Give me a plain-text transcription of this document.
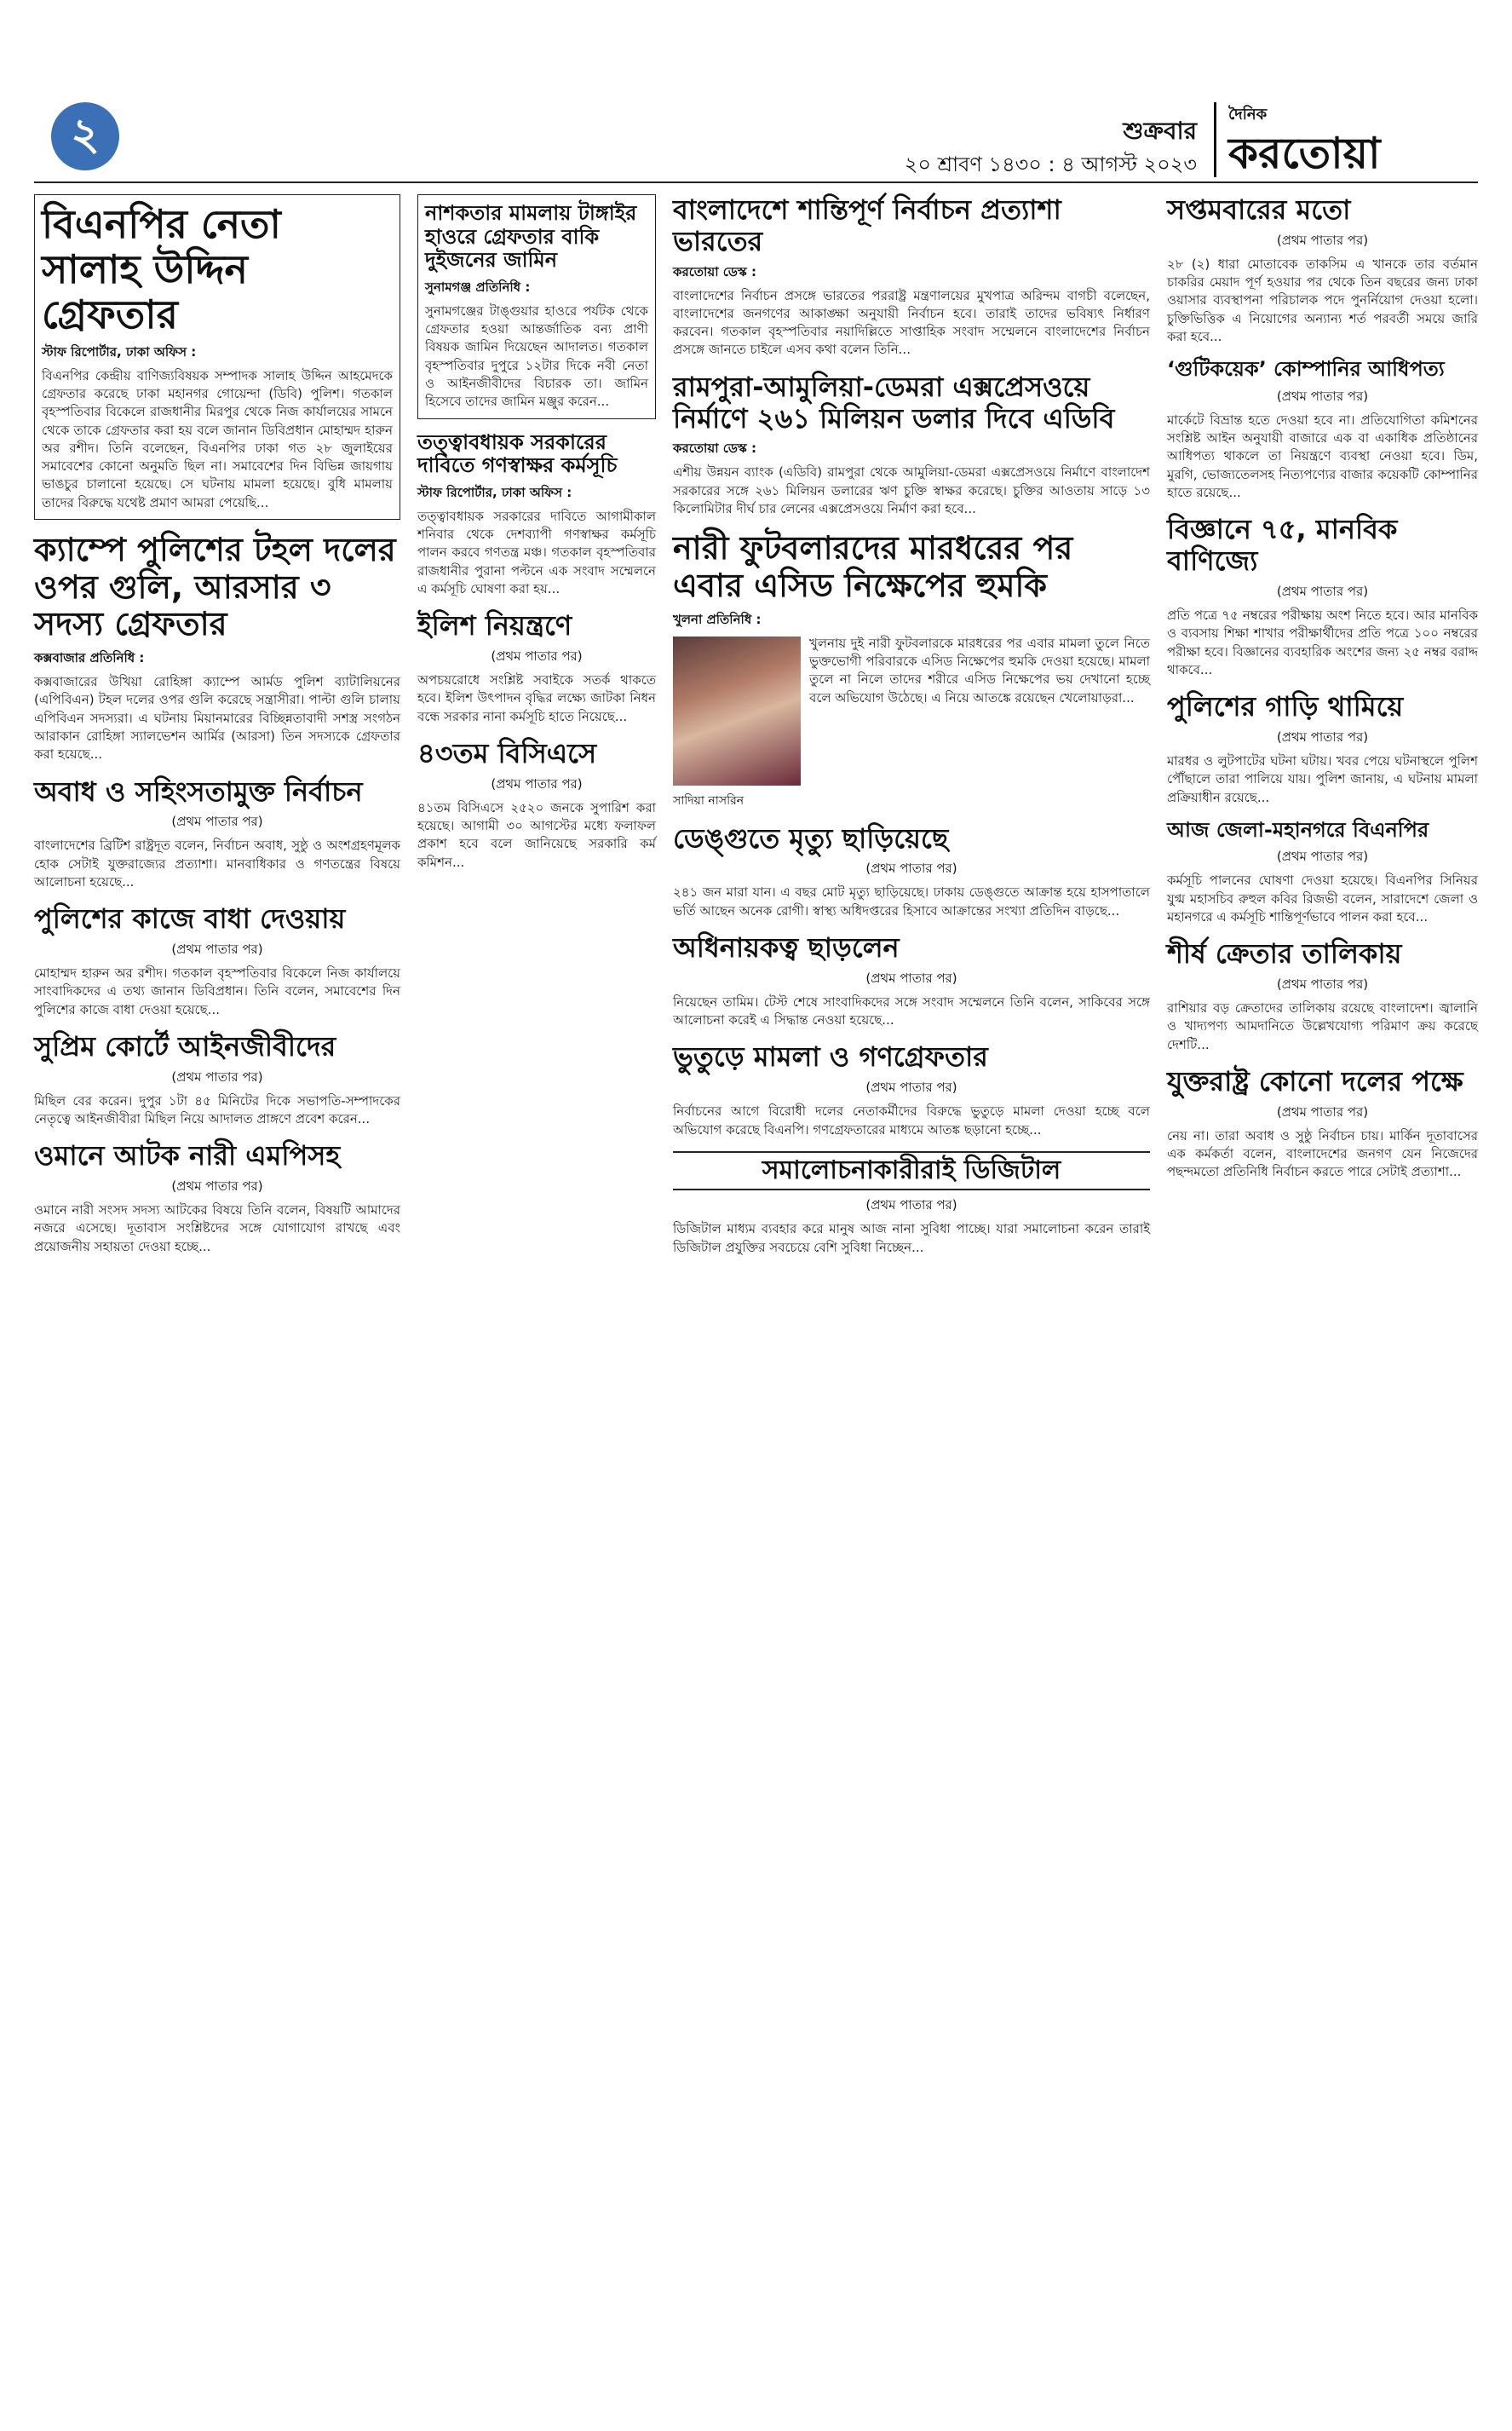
২	শুক্রবার
২০ শ্রাবণ ১৪৩০ : ৪ আগস্ট ২০২৩
দৈনিক
করতোয়া
বিএনপির নেতা সালাহ উদ্দিন গ্রেফতার
স্টাফ রিপোর্টার, ঢাকা অফিস :
বিএনপির কেন্দ্রীয় বাণিজ্যবিষয়ক সম্পাদক সালাহ উদ্দিন আহমেদকে গ্রেফতার করেছে ঢাকা মহানগর গোয়েন্দা (ডিবি) পুলিশ। গতকাল বৃহস্পতিবার বিকেলে রাজধানীর মিরপুর থেকে নিজ কার্যালয়ের সামনে থেকে তাকে গ্রেফতার করা হয় বলে জানান ডিবিপ্রধান মোহাম্মদ হারুন অর রশীদ। তিনি বলেছেন, বিএনপির ঢাকা গত ২৮ জুলাইয়ের সমাবেশের কোনো অনুমতি ছিল না। সমাবেশের দিন বিভিন্ন জায়গায় ভাঙচুর চালানো হয়েছে। সে ঘটনায় মামলা হয়েছে। বুধি মামলায় তাদের বিরুদ্ধে যথেষ্ট প্রমাণ আমরা পেয়েছি...
ক্যাম্পে পুলিশের টহল দলের ওপর গুলি, আরসার ৩ সদস্য গ্রেফতার
কক্সবাজার প্রতিনিধি :
কক্সবাজারের উখিয়া রোহিঙ্গা ক্যাম্পে আর্মড পুলিশ ব্যাটালিয়নের (এপিবিএন) টহল দলের ওপর গুলি করেছে সন্ত্রাসীরা। পাল্টা গুলি চালায় এপিবিএন সদস্যরা। এ ঘটনায় মিয়ানমারের বিচ্ছিন্নতাবাদী সশস্ত্র সংগঠন আরাকান রোহিঙ্গা স্যালভেশন আর্মির (আরসা) তিন সদস্যকে গ্রেফতার করা হয়েছে...
অবাধ ও সহিংসতামুক্ত নির্বাচন
(প্রথম পাতার পর)
বাংলাদেশের ব্রিটিশ রাষ্ট্রদূত বলেন, নির্বাচন অবাধ, সুষ্ঠু ও অংশগ্রহণমূলক হোক সেটাই যুক্তরাজ্যের প্রত্যাশা। মানবাধিকার ও গণতন্ত্রের বিষয়ে আলোচনা হয়েছে...
পুলিশের কাজে বাধা দেওয়ায়
(প্রথম পাতার পর)
মোহাম্মদ হারুন অর রশীদ। গতকাল বৃহস্পতিবার বিকেলে নিজ কার্যালয়ে সাংবাদিকদের এ তথ্য জানান ডিবিপ্রধান। তিনি বলেন, সমাবেশের দিন পুলিশের কাজে বাধা দেওয়া হয়েছে...
সুপ্রিম কোর্টে আইনজীবীদের
(প্রথম পাতার পর)
মিছিল বের করেন। দুপুর ১টা ৪৫ মিনিটের দিকে সভাপতি-সম্পাদকের নেতৃত্বে আইনজীবীরা মিছিল নিয়ে আদালত প্রাঙ্গণে প্রবেশ করেন...
ওমানে আটক নারী এমপিসহ
(প্রথম পাতার পর)
ওমানে নারী সংসদ সদস্য আটকের বিষয়ে তিনি বলেন, বিষয়টি আমাদের নজরে এসেছে। দূতাবাস সংশ্লিষ্টদের সঙ্গে যোগাযোগ রাখছে এবং প্রয়োজনীয় সহায়তা দেওয়া হচ্ছে...
নাশকতার মামলায় টাঙ্গাইর হাওরে গ্রেফতার বাকি দুইজনের জামিন
সুনামগঞ্জ প্রতিনিধি :
সুনামগঞ্জের টাঙ্গুয়ার হাওরে পর্যটক থেকে গ্রেফতার হওয়া আন্তর্জাতিক বন্য প্রাণী বিষয়ক জামিন দিয়েছেন আদালত। গতকাল বৃহস্পতিবার দুপুরে ১২টার দিকে নবী নেতা ও আইনজীবীদের বিচারক তা। জামিন হিসেবে তাদের জামিন মঞ্জুর করেন...
তত্ত্বাবধায়ক সরকারের দাবিতে গণস্বাক্ষর কর্মসূচি
স্টাফ রিপোর্টার, ঢাকা অফিস :
তত্ত্বাবধায়ক সরকারের দাবিতে আগামীকাল শনিবার থেকে দেশব্যাপী গণস্বাক্ষর কর্মসূচি পালন করবে গণতন্ত্র মঞ্চ। গতকাল বৃহস্পতিবার রাজধানীর পুরানা পল্টনে এক সংবাদ সম্মেলনে এ কর্মসূচি ঘোষণা করা হয়...
ইলিশ নিয়ন্ত্রণে
(প্রথম পাতার পর)
অপচয়রোধে সংশ্লিষ্ট সবাইকে সতর্ক থাকতে হবে। ইলিশ উৎপাদন বৃদ্ধির লক্ষ্যে জাটকা নিধন বন্ধে সরকার নানা কর্মসূচি হাতে নিয়েছে...
৪৩তম বিসিএসে
(প্রথম পাতার পর)
৪১তম বিসিএসে ২৫২০ জনকে সুপারিশ করা হয়েছে। আগামী ৩০ আগস্টের মধ্যে ফলাফল প্রকাশ হবে বলে জানিয়েছে সরকারি কর্ম কমিশন...
বাংলাদেশে শান্তিপূর্ণ নির্বাচন প্রত্যাশা ভারতের
করতোয়া ডেস্ক :
বাংলাদেশের নির্বাচন প্রসঙ্গে ভারতের পররাষ্ট্র মন্ত্রণালয়ের মুখপাত্র অরিন্দম বাগচী বলেছেন, বাংলাদেশের জনগণের আকাঙ্ক্ষা অনুযায়ী নির্বাচন হবে। তারাই তাদের ভবিষ্যৎ নির্ধারণ করবেন। গতকাল বৃহস্পতিবার নয়াদিল্লিতে সাপ্তাহিক সংবাদ সম্মেলনে বাংলাদেশের নির্বাচন প্রসঙ্গে জানতে চাইলে এসব কথা বলেন তিনি...
রামপুরা-আমুলিয়া-ডেমরা এক্সপ্রেসওয়ে নির্মাণে ২৬১ মিলিয়ন ডলার দিবে এডিবি
করতোয়া ডেস্ক :
এশীয় উন্নয়ন ব্যাংক (এডিবি) রামপুরা থেকে আমুলিয়া-ডেমরা এক্সপ্রেসওয়ে নির্মাণে বাংলাদেশ সরকারের সঙ্গে ২৬১ মিলিয়ন ডলারের ঋণ চুক্তি স্বাক্ষর করেছে। চুক্তির আওতায় সাড়ে ১৩ কিলোমিটার দীর্ঘ চার লেনের এক্সপ্রেসওয়ে নির্মাণ করা হবে...
নারী ফুটবলারদের মারধরের পর এবার এসিড নিক্ষেপের হুমকি
খুলনা প্রতিনিধি :
খুলনায় দুই নারী ফুটবলারকে মারধরের পর এবার মামলা তুলে নিতে ভুক্তভোগী পরিবারকে এসিড নিক্ষেপের হুমকি দেওয়া হয়েছে। মামলা তুলে না নিলে তাদের শরীরে এসিড নিক্ষেপের ভয় দেখানো হচ্ছে বলে অভিযোগ উঠেছে। এ নিয়ে আতঙ্কে রয়েছেন খেলোয়াড়রা...
সাদিয়া নাসরিন
ডেঙ্গুতে মৃত্যু ছাড়িয়েছে
(প্রথম পাতার পর)
২৪১ জন মারা যান। এ বছর মোট মৃত্যু ছাড়িয়েছে। ঢাকায় ডেঙ্গুতে আক্রান্ত হয়ে হাসপাতালে ভর্তি আছেন অনেক রোগী। স্বাস্থ্য অধিদপ্তরের হিসাবে আক্রান্তের সংখ্যা প্রতিদিন বাড়ছে...
অধিনায়কত্ব ছাড়লেন
(প্রথম পাতার পর)
নিয়েছেন তামিম। টেস্ট শেষে সাংবাদিকদের সঙ্গে সংবাদ সম্মেলনে তিনি বলেন, সাকিবের সঙ্গে আলোচনা করেই এ সিদ্ধান্ত নেওয়া হয়েছে...
ভুতুড়ে মামলা ও গণগ্রেফতার
(প্রথম পাতার পর)
নির্বাচনের আগে বিরোধী দলের নেতাকর্মীদের বিরুদ্ধে ভুতুড়ে মামলা দেওয়া হচ্ছে বলে অভিযোগ করেছে বিএনপি। গণগ্রেফতারের মাধ্যমে আতঙ্ক ছড়ানো হচ্ছে...
সমালোচনাকারীরাই ডিজিটাল
(প্রথম পাতার পর)
ডিজিটাল মাধ্যম ব্যবহার করে মানুষ আজ নানা সুবিধা পাচ্ছে। যারা সমালোচনা করেন তারাই ডিজিটাল প্রযুক্তির সবচেয়ে বেশি সুবিধা নিচ্ছেন...
সপ্তমবারের মতো
(প্রথম পাতার পর)
২৮ (২) ধারা মোতাবেক তাকসিম এ খানকে তার বর্তমান চাকরির মেয়াদ পূর্ণ হওয়ার পর থেকে তিন বছরের জন্য ঢাকা ওয়াসার ব্যবস্থাপনা পরিচালক পদে পুনর্নিয়োগ দেওয়া হলো। চুক্তিভিত্তিক এ নিয়োগের অন্যান্য শর্ত পরবর্তী সময়ে জারি করা হবে...
‘গুটিকয়েক’ কোম্পানির আধিপত্য
(প্রথম পাতার পর)
মার্কেটে বিভ্রান্ত হতে দেওয়া হবে না। প্রতিযোগিতা কমিশনের সংশ্লিষ্ট আইন অনুযায়ী বাজারে এক বা একাধিক প্রতিষ্ঠানের আধিপত্য থাকলে তা নিয়ন্ত্রণে ব্যবস্থা নেওয়া হবে। ডিম, মুরগি, ভোজ্যতেলসহ নিত্যপণ্যের বাজার কয়েকটি কোম্পানির হাতে রয়েছে...
বিজ্ঞানে ৭৫, মানবিক বাণিজ্যে
(প্রথম পাতার পর)
প্রতি পত্রে ৭৫ নম্বরের পরীক্ষায় অংশ নিতে হবে। আর মানবিক ও ব্যবসায় শিক্ষা শাখার পরীক্ষার্থীদের প্রতি পত্রে ১০০ নম্বরের পরীক্ষা হবে। বিজ্ঞানের ব্যবহারিক অংশের জন্য ২৫ নম্বর বরাদ্দ থাকবে...
পুলিশের গাড়ি থামিয়ে
(প্রথম পাতার পর)
মারধর ও লুটপাটের ঘটনা ঘটায়। খবর পেয়ে ঘটনাস্থলে পুলিশ পৌঁছালে তারা পালিয়ে যায়। পুলিশ জানায়, এ ঘটনায় মামলা প্রক্রিয়াধীন রয়েছে...
আজ জেলা-মহানগরে বিএনপির
(প্রথম পাতার পর)
কর্মসূচি পালনের ঘোষণা দেওয়া হয়েছে। বিএনপির সিনিয়র যুগ্ম মহাসচিব রুহুল কবির রিজভী বলেন, সারাদেশে জেলা ও মহানগরে এ কর্মসূচি শান্তিপূর্ণভাবে পালন করা হবে...
শীর্ষ ক্রেতার তালিকায়
(প্রথম পাতার পর)
রাশিয়ার বড় ক্রেতাদের তালিকায় রয়েছে বাংলাদেশ। জ্বালানি ও খাদ্যপণ্য আমদানিতে উল্লেখযোগ্য পরিমাণ ক্রয় করেছে দেশটি...
যুক্তরাষ্ট্র কোনো দলের পক্ষে
(প্রথম পাতার পর)
নেয় না। তারা অবাধ ও সুষ্ঠু নির্বাচন চায়। মার্কিন দূতাবাসের এক কর্মকর্তা বলেন, বাংলাদেশের জনগণ যেন নিজেদের পছন্দমতো প্রতিনিধি নির্বাচন করতে পারে সেটাই প্রত্যাশা...
